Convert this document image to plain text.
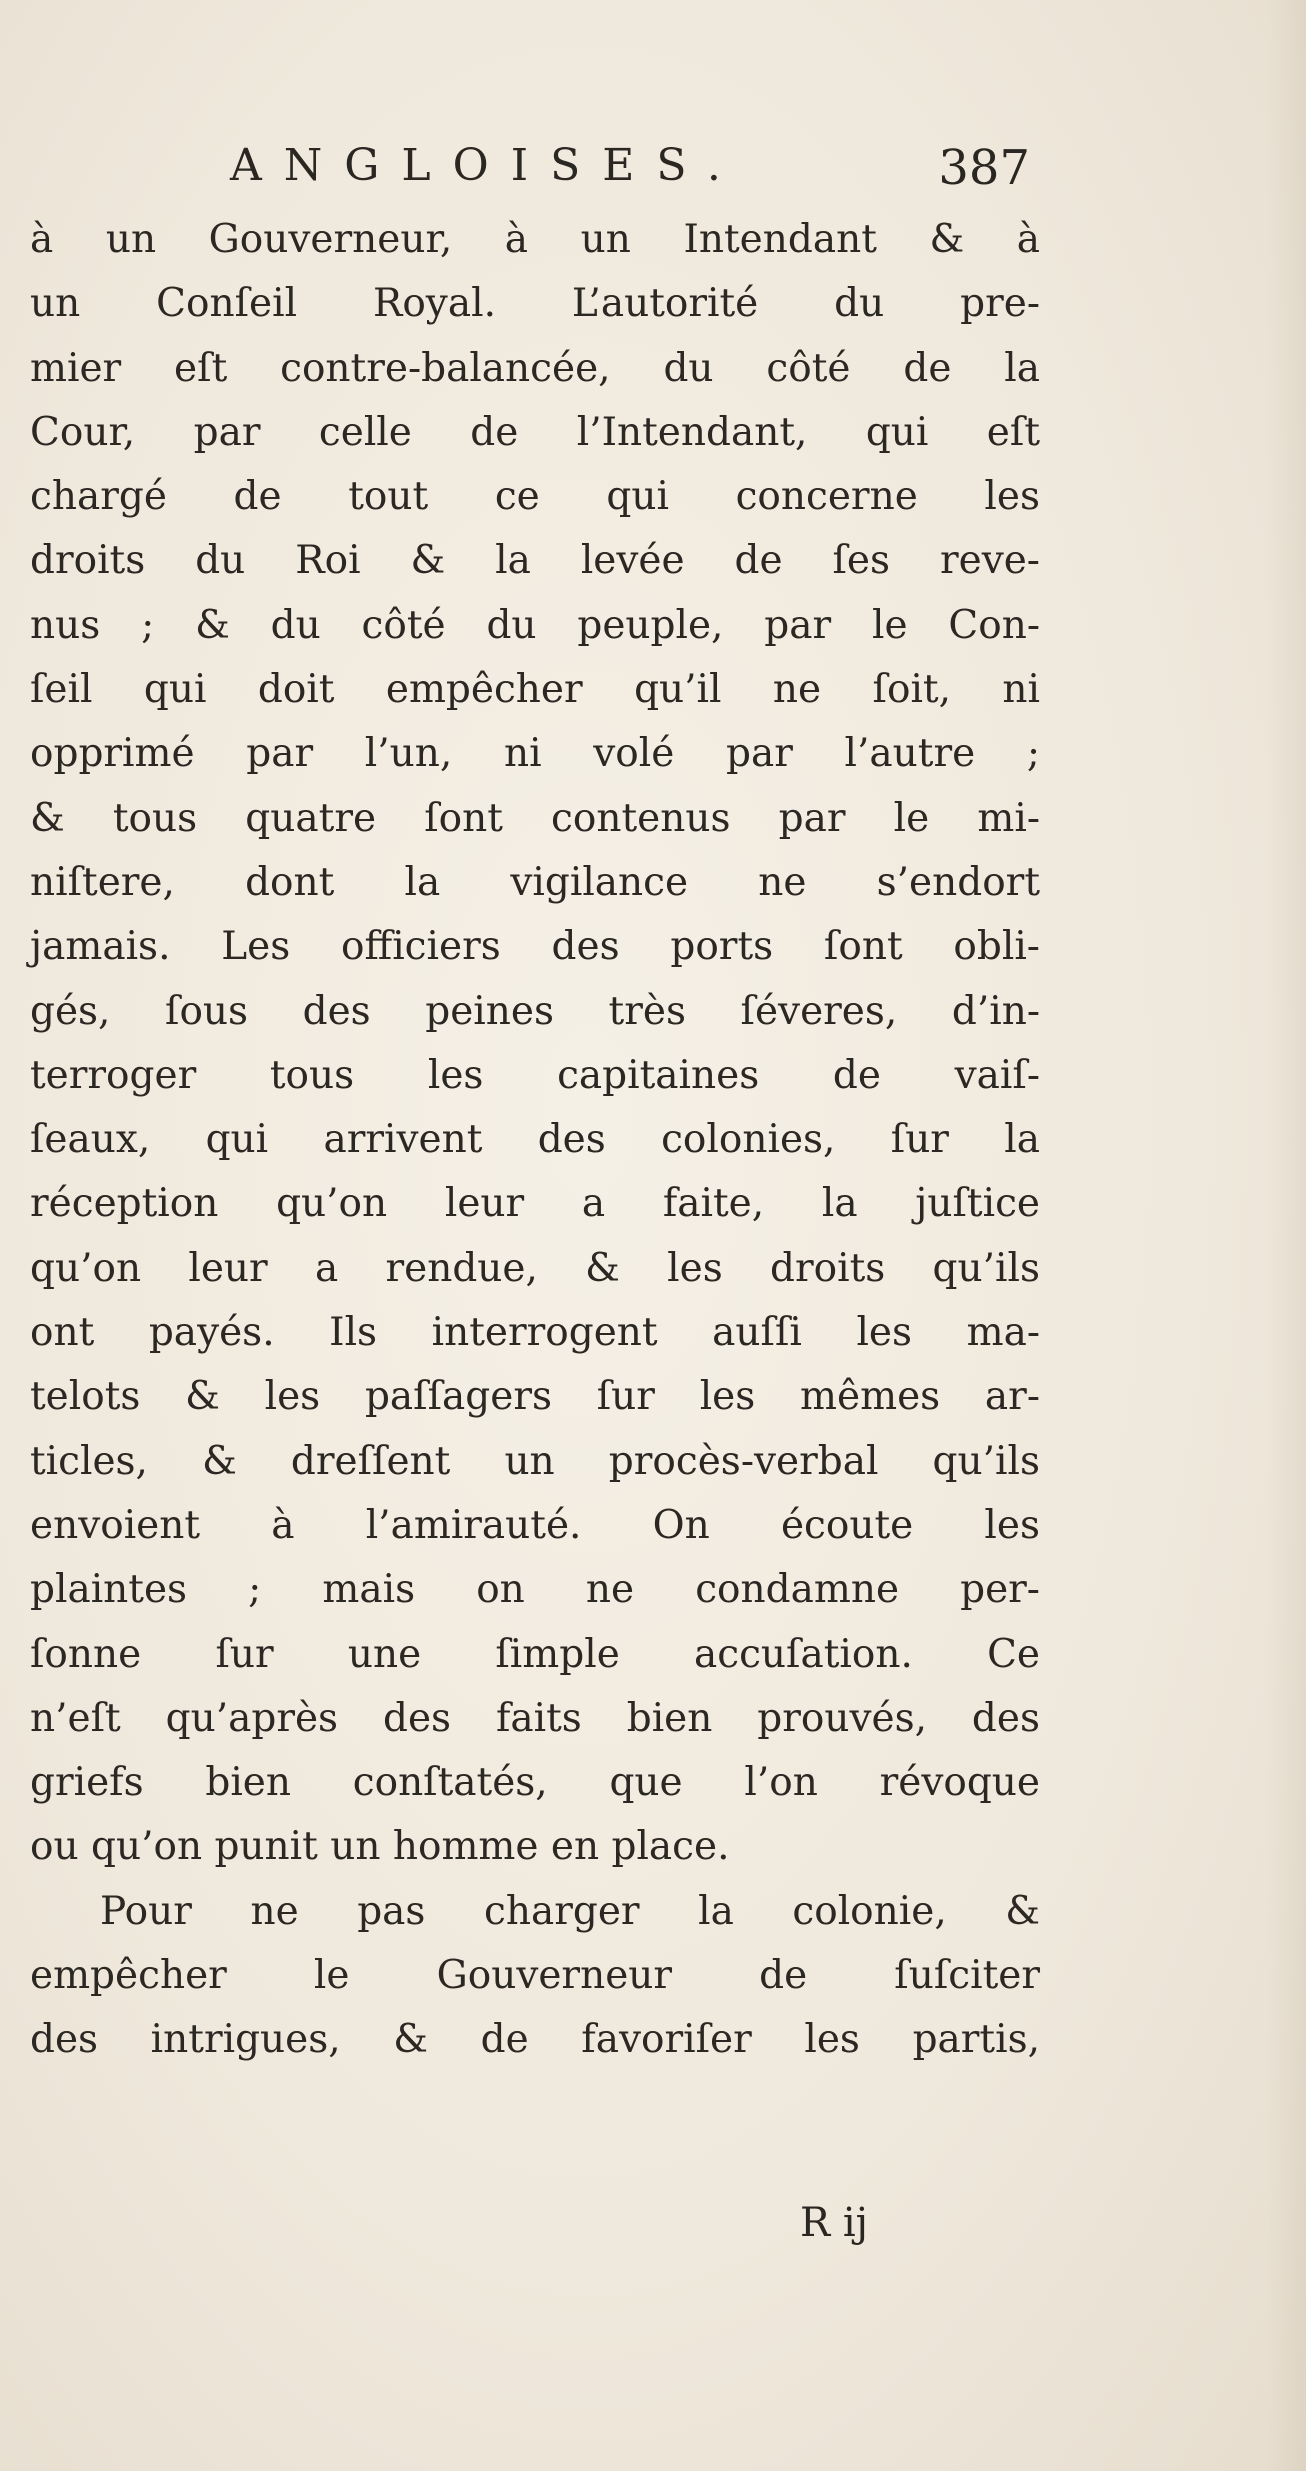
ANGLOISES.	387
à un Gouverneur, à un Intendant & à
un Conſeil Royal. L’autorité du pre-
mier eſt contre-balancée, du côté de la
Cour, par celle de l’Intendant, qui eſt
chargé de tout ce qui concerne les
droits du Roi & la levée de ſes reve-
nus ; & du côté du peuple, par le Con-
ſeil qui doit empêcher qu’il ne ſoit, ni
opprimé par l’un, ni volé par l’autre ;
& tous quatre ſont contenus par le mi-
niſtere, dont la vigilance ne s’endort
jamais. Les officiers des ports ſont obli-
gés, ſous des peines très ſéveres, d’in-
terroger tous les capitaines de vaiſ-
ſeaux, qui arrivent des colonies, ſur la
réception qu’on leur a faite, la juſtice
qu’on leur a rendue, & les droits qu’ils
ont payés. Ils interrogent auſſi les ma-
telots & les paſſagers ſur les mêmes ar-
ticles, & dreſſent un procès-verbal qu’ils
envoient à l’amirauté. On écoute les
plaintes ; mais on ne condamne per-
ſonne ſur une ſimple accuſation. Ce
n’eſt qu’après des faits bien prouvés, des
griefs bien conſtatés, que l’on révoque
ou qu’on punit un homme en place.
Pour ne pas charger la colonie, &
empêcher le Gouverneur de ſuſciter
des intrigues, & de favoriſer les partis,
R ij
